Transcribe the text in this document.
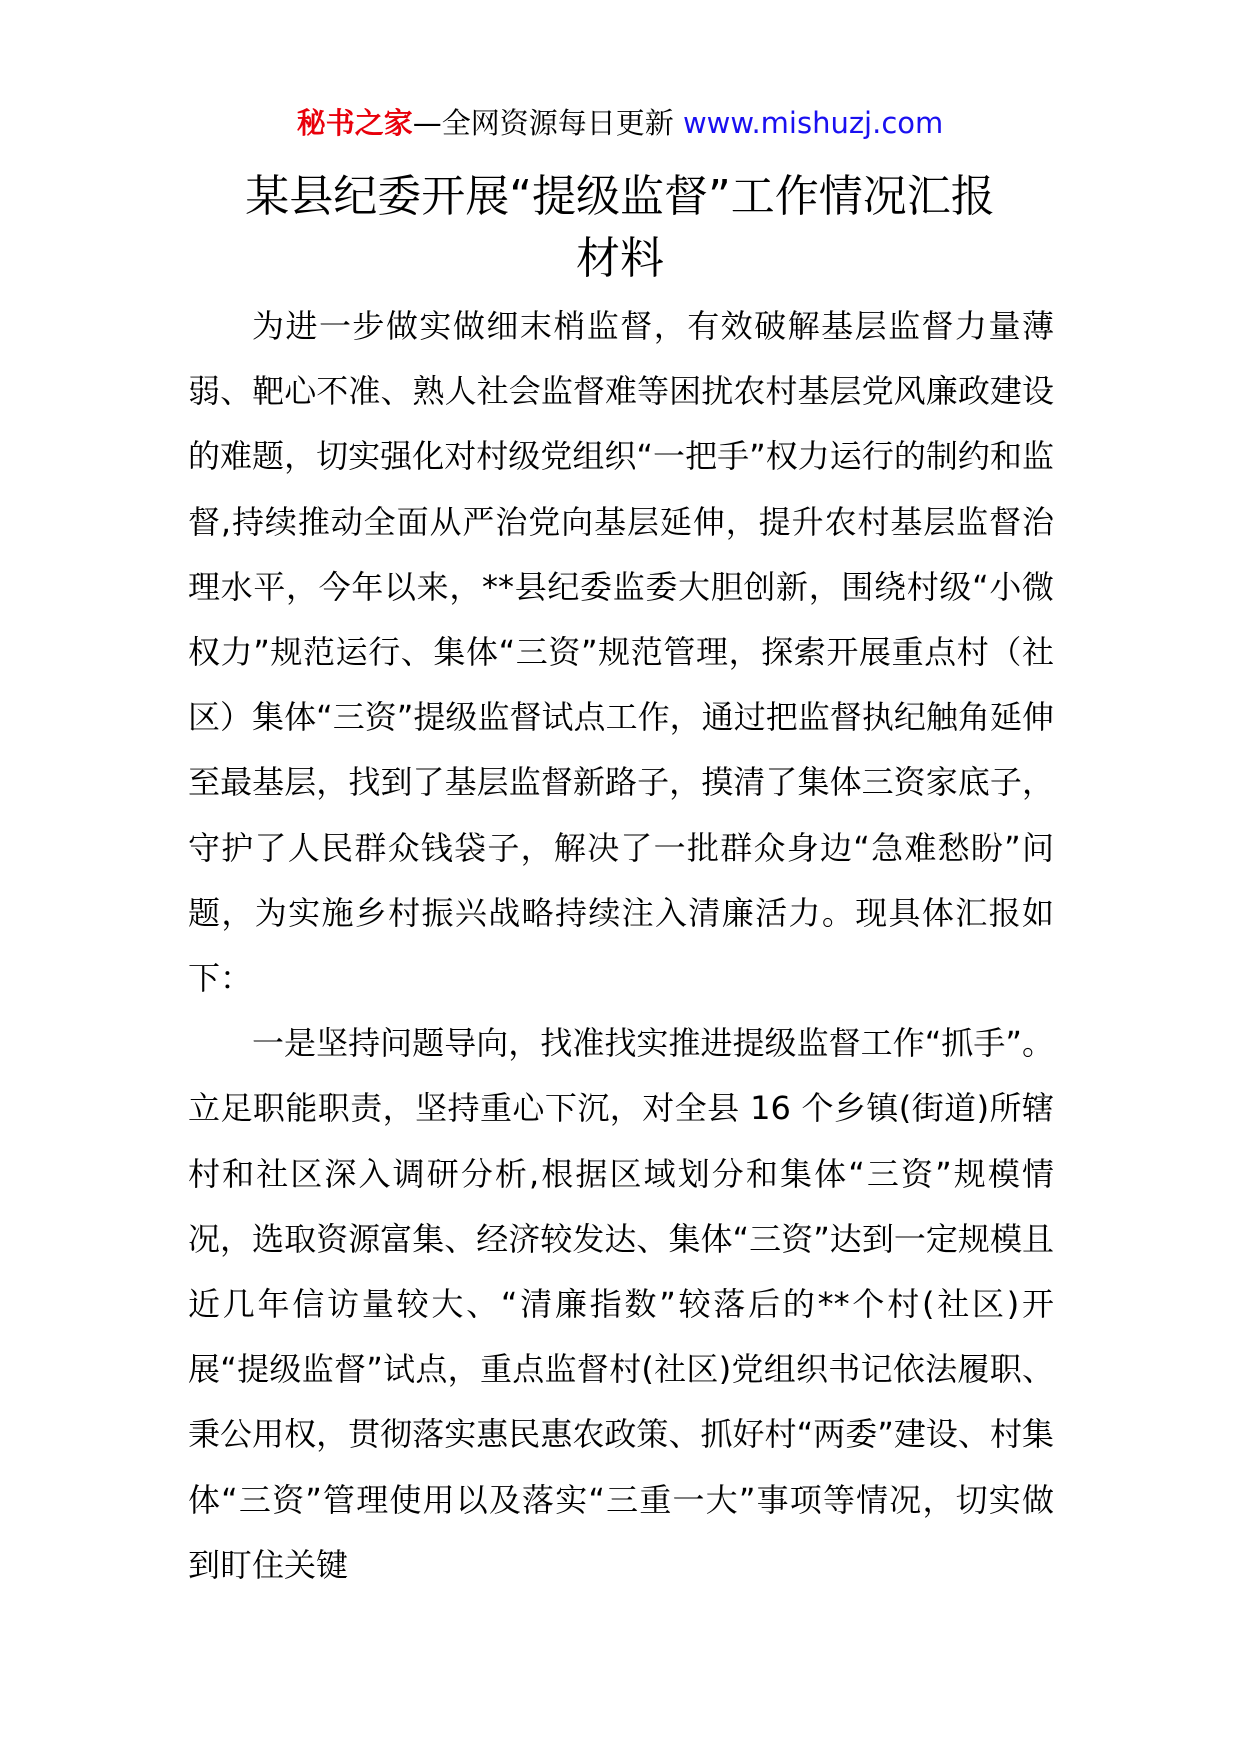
秘书之家—全网资源每日更新 www.mishuzj.com
某县纪委开展“提级监督”工作情况汇报
材料

为进一步做实做细末梢监督，有效破解基层监督力量薄弱、靶心不准、熟人社会监督难等困扰农村基层党风廉政建设的难题，切实强化对村级党组织“一把手”权力运行的制约和监督,持续推动全面从严治党向基层延伸，提升农村基层监督治理水平，今年以来，**县纪委监委大胆创新，围绕村级“小微权力”规范运行、集体“三资”规范管理，探索开展重点村（社区）集体“三资”提级监督试点工作，通过把监督执纪触角延伸至最基层，找到了基层监督新路子，摸清了集体三资家底子，守护了人民群众钱袋子，解决了一批群众身边“急难愁盼”问题，为实施乡村振兴战略持续注入清廉活力。现具体汇报如下：

一是坚持问题导向，找准找实推进提级监督工作“抓手”。立足职能职责，坚持重心下沉，对全县 16 个乡镇(街道)所辖村和社区深入调研分析,根据区域划分和集体“三资”规模情况，选取资源富集、经济较发达、集体“三资”达到一定规模且近几年信访量较大、“清廉指数”较落后的**个村(社区)开展“提级监督”试点，重点监督村(社区)党组织书记依法履职、秉公用权，贯彻落实惠民惠农政策、抓好村“两委”建设、村集体“三资”管理使用以及落实“三重一大”事项等情况，切实做到盯住关键
